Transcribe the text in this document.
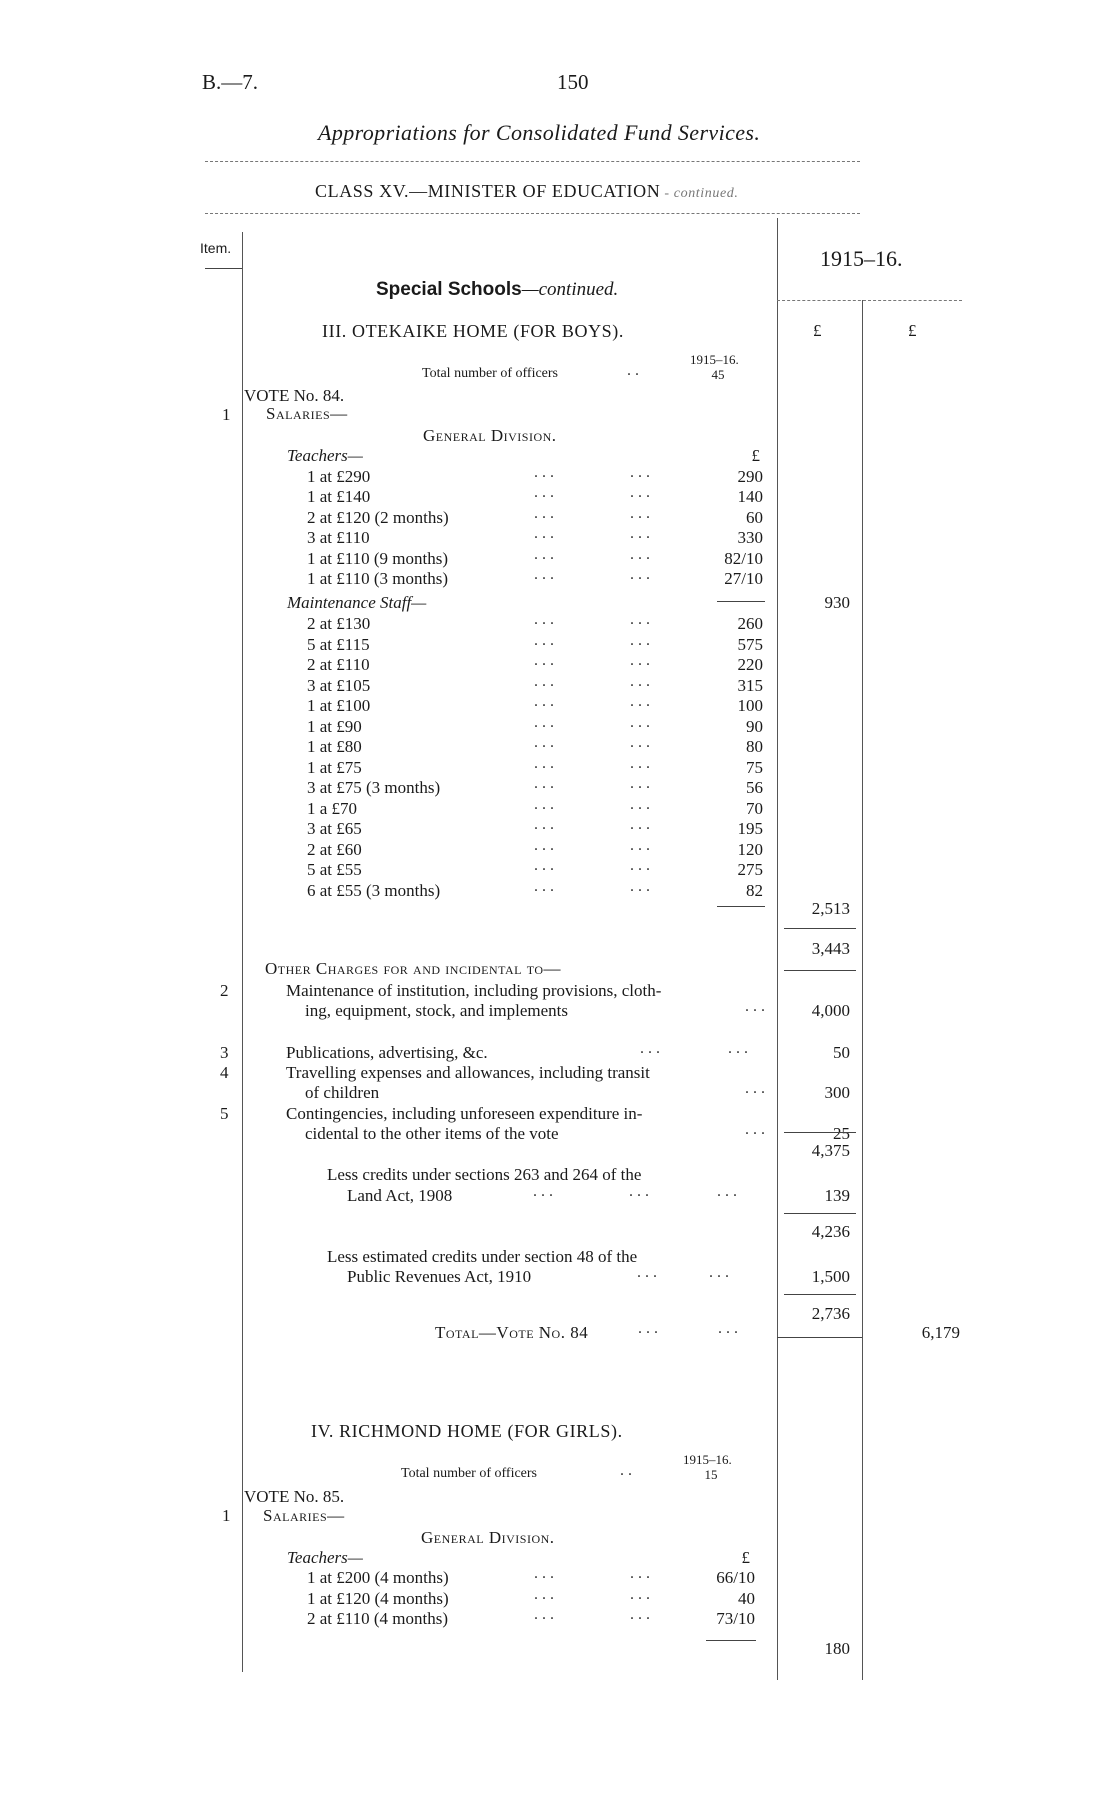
B.—7.	150
Appropriations for Consolidated Fund Services.
CLASS XV.—MINISTER OF EDUCATION - continued.
Item.	1915–16.
£	£
Special Schools—continued.
III. OTEKAIKE HOME (FOR BOYS).
1915–16.
Total number of officers	..	45
VOTE No. 84.
1 Salaries—
General Division.
Teachers—	£
1 at £290	...         ...	290
1 at £140	...         ...	140
2 at £120 (2 months)	...         ...	60
3 at £110	...         ...	330
1 at £110 (9 months)	...         ...	82/10
1 at £110 (3 months)	...         ...	27/10
Maintenance Staff—	930
2 at £130	...         ...	260
5 at £115	...         ...	575
2 at £110	...         ...	220
3 at £105	...         ...	315
1 at £100	...         ...	100
1 at £90	...         ...	90
1 at £80	...         ...	80
1 at £75	...         ...	75
3 at £75 (3 months)	...         ...	56
1 a £70	...         ...	70
3 at £65	...         ...	195
2 at £60	...         ...	120
5 at £55	...         ...	275
6 at £55 (3 months)	...         ...	82
2,513
3,443
Other Charges for and incidental to—
2	Maintenance of institution, including provisions, cloth-
ing, equipment, stock, and implements	...	4,000
3	Publications, advertising, &c.	...        ...	50
4	Travelling expenses and allowances, including transit
of children	...	300
5	Contingencies, including unforeseen expenditure in-
cidental to the other items of the vote	...	25
4,375
Less credits under sections 263 and 264 of the
Land Act, 1908	...         ...        ...	139
4,236
Less estimated credits under section 48 of the
Public Revenues Act, 1910	...      ...	1,500
2,736
Total—Vote No. 84	...       ...	6,179
IV. RICHMOND HOME (FOR GIRLS).
1915–16.
Total number of officers	..	15
VOTE No. 85.
1 Salaries—
General Division.
Teachers—	£
1 at £200 (4 months)	...         ...	66/10
1 at £120 (4 months)	...         ...	40
2 at £110 (4 months)	...         ...	73/10
180
